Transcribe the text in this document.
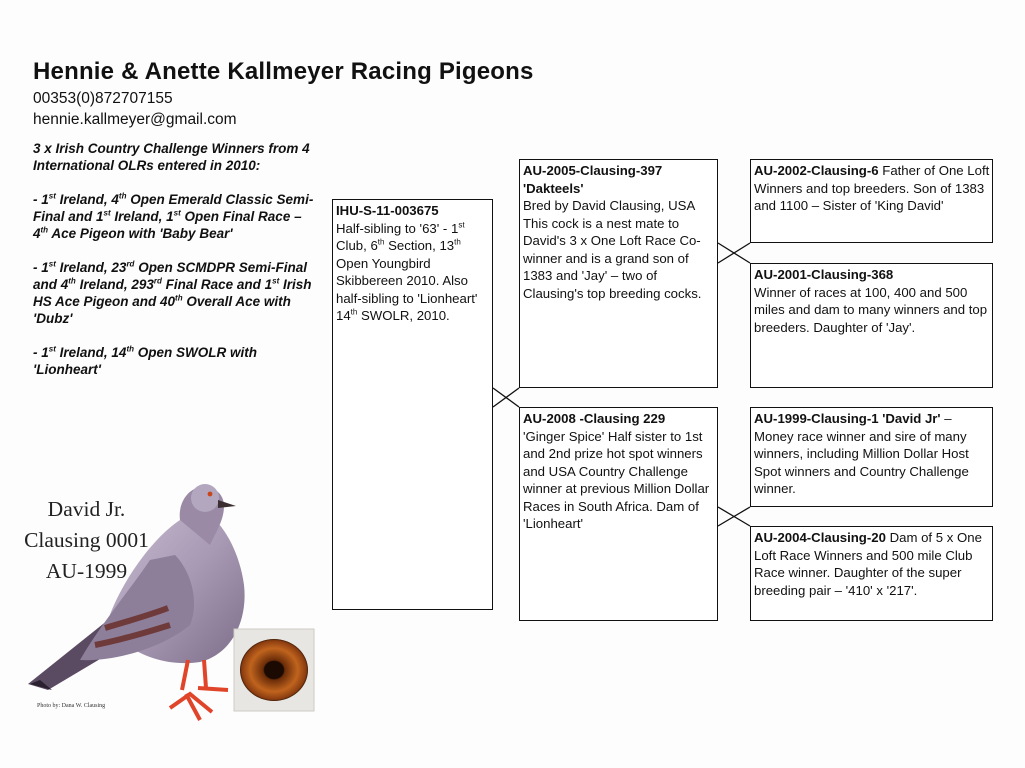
Hennie & Anette Kallmeyer Racing Pigeons
00353(0)872707155
hennie.kallmeyer@gmail.com

3 x Irish Country Challenge Winners from 4 International OLRs entered in 2010:

- 1st Ireland, 4th Open Emerald Classic Semi-Final and 1st Ireland, 1st Open Final Race – 4th Ace Pigeon with 'Baby Bear'

- 1st Ireland, 23rd Open SCMDPR Semi-Final and 4th Ireland, 293rd Final Race and 1st Irish HS Ace Pigeon and 40th Overall Ace with 'Dubz'

- 1st Ireland, 14th Open SWOLR with 'Lionheart'

IHU-S-11-003675
Half-sibling to '63' - 1st Club, 6th Section, 13th Open Youngbird Skibbereen 2010. Also half-sibling to 'Lionheart' 14th SWOLR, 2010.
AU-2005-Clausing-397 'Dakteels'
Bred by David Clausing, USA This cock is a nest mate to David's 3 x One Loft Race Co-winner and is a grand son of 1383 and 'Jay' – two of Clausing's top breeding cocks.
AU-2008 -Clausing 229
'Ginger Spice' Half sister to 1st and 2nd prize hot spot winners and USA Country Challenge winner at previous Million Dollar Races in South Africa. Dam of 'Lionheart'
AU-2002-Clausing-6 Father of One Loft Winners and top breeders. Son of 1383 and 1100 – Sister of 'King David'
AU-2001-Clausing-368
Winner of races at 100, 400 and 500 miles and dam to many winners and top breeders. Daughter of 'Jay'.
AU-1999-Clausing-1 'David Jr' – Money race winner and sire of many winners, including Million Dollar Host Spot winners and Country Challenge winner.
AU-2004-Clausing-20 Dam of 5 x One Loft Race Winners and 500 mile Club Race winner. Daughter of the super breeding pair – '410' x '217'.
David Jr.
Clausing 0001
AU-1999
Photo by: Dana W. Clausing
